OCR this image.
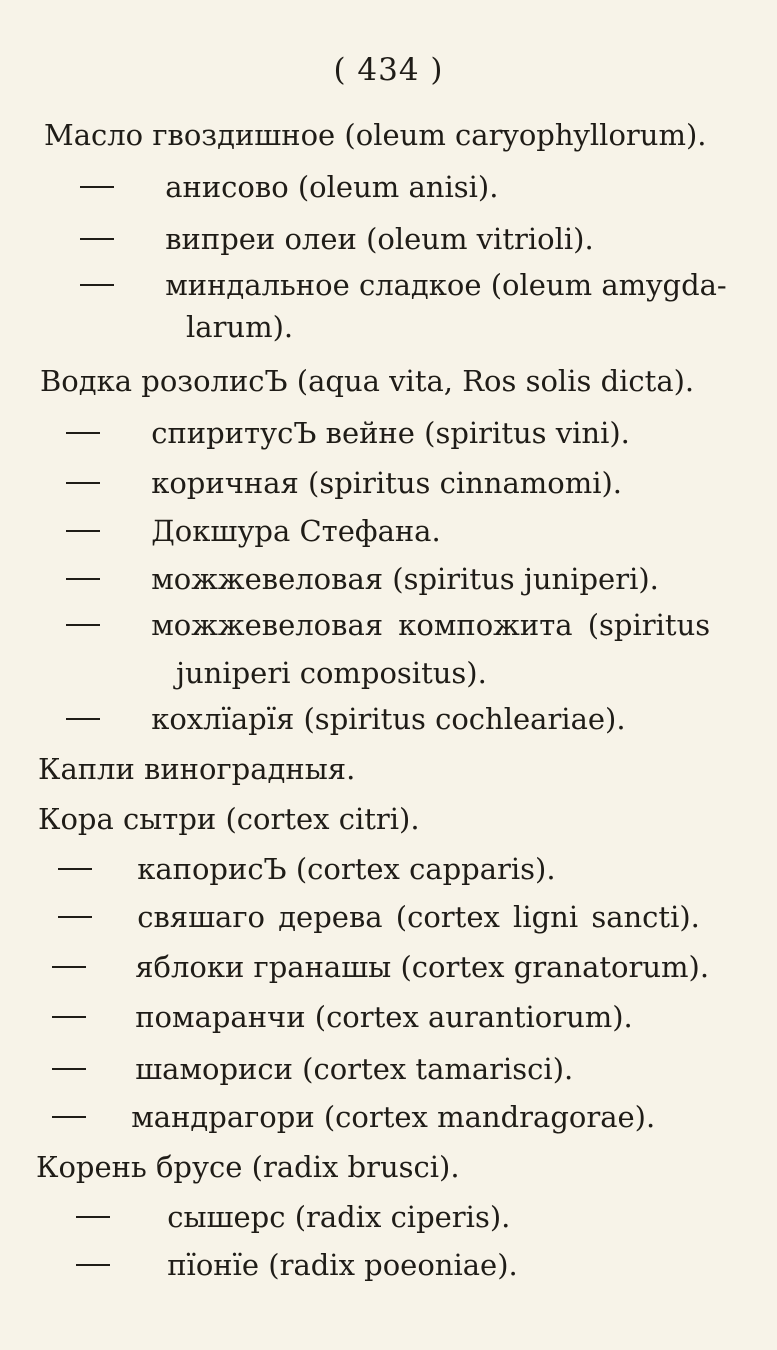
( 434 )
Масло гвоздишное (oleum caryophyllorum).
анисово (oleum anisi).
випреи олеи (oleum vitrioli).
миндальное сладкое (oleum amygda-
larum).
Водка розолисЪ (aqua vita, Ros solis dicta).
спиритусЪ вейне (spiritus vini).
коричная (spiritus cinnamomi).
Докшура Стефана.
можжевеловая (spiritus juniperi).
можжевеловая компожита (spiritus
juniperi compositus).
кохлїарїя (spiritus cochleariae).
Капли виноградныя.
Кора сытри (cortex citri).
капорисЪ (cortex capparis).
свяшаго дерева (cortex ligni sancti).
яблоки гранашы (cortex granatorum).
помаранчи (cortex aurantiorum).
шамориси (cortex tamarisci).
мандрагори (cortex mandragorae).
Корень брусе (radix brusci).
сышерс (radix ciperis).
пїонїе (radix poeoniae).
